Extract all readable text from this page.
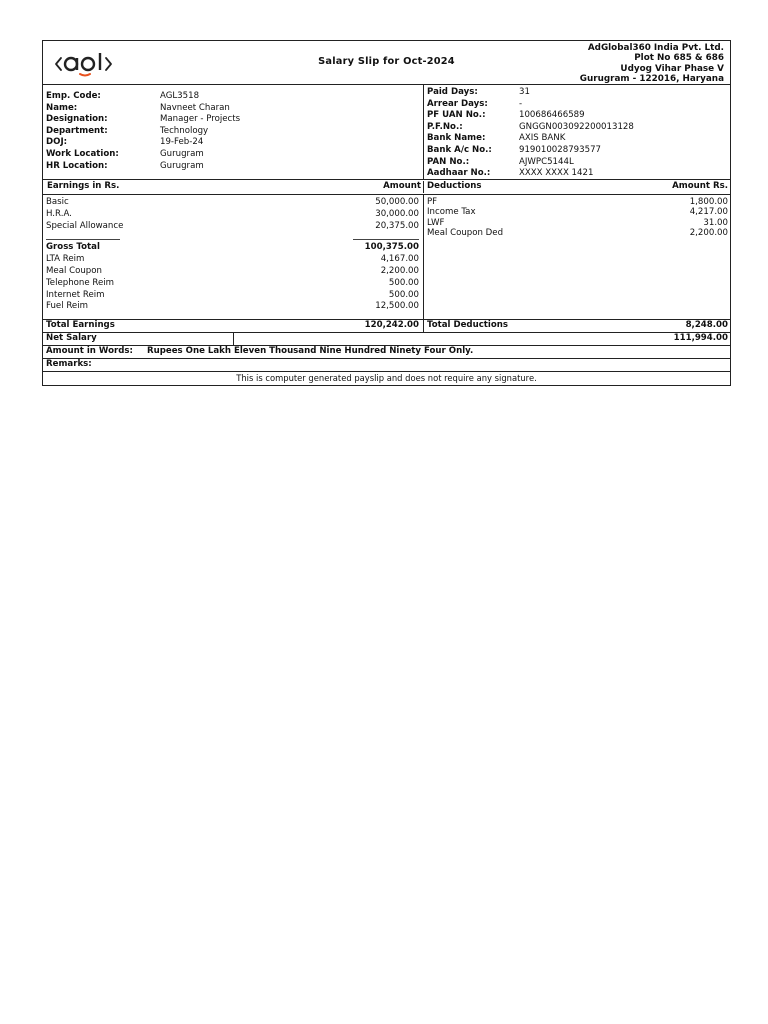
Salary Slip for Oct-2024
AdGlobal360 India Pvt. Ltd.
Plot No 685 & 686
Udyog Vihar Phase V
Gurugram - 122016, Haryana
Emp. Code:	AGL3518
Name:	Navneet Charan
Designation:	Manager - Projects
Department:	Technology
DOJ:	19-Feb-24
Work Location:	Gurugram
HR Location:	Gurugram
Paid Days:	31
Arrear Days:	-
PF UAN No.:	100686466589
P.F.No.:	GNGGN003092200013128
Bank Name:	AXIS BANK
Bank A/c No.:	919010028793577
PAN No.:	AJWPC5144L
Aadhaar No.:	XXXX XXXX 1421
Earnings in Rs.	Amount Deductions	Amount Rs.
Basic	50,000.00
H.R.A.	30,000.00
Special Allowance	20,375.00
Gross Total	100,375.00
LTA Reim	4,167.00
Meal Coupon	2,200.00
Telephone Reim	500.00
Internet Reim	500.00
Fuel Reim	12,500.00
PF	1,800.00
Income Tax	4,217.00
LWF	31.00
Meal Coupon Ded	2,200.00
Total Earnings	120,242.00 Total Deductions	8,248.00
Net Salary	111,994.00
Amount in Words:	Rupees One Lakh Eleven Thousand Nine Hundred Ninety Four Only.
Remarks:
This is computer generated payslip and does not require any signature.
